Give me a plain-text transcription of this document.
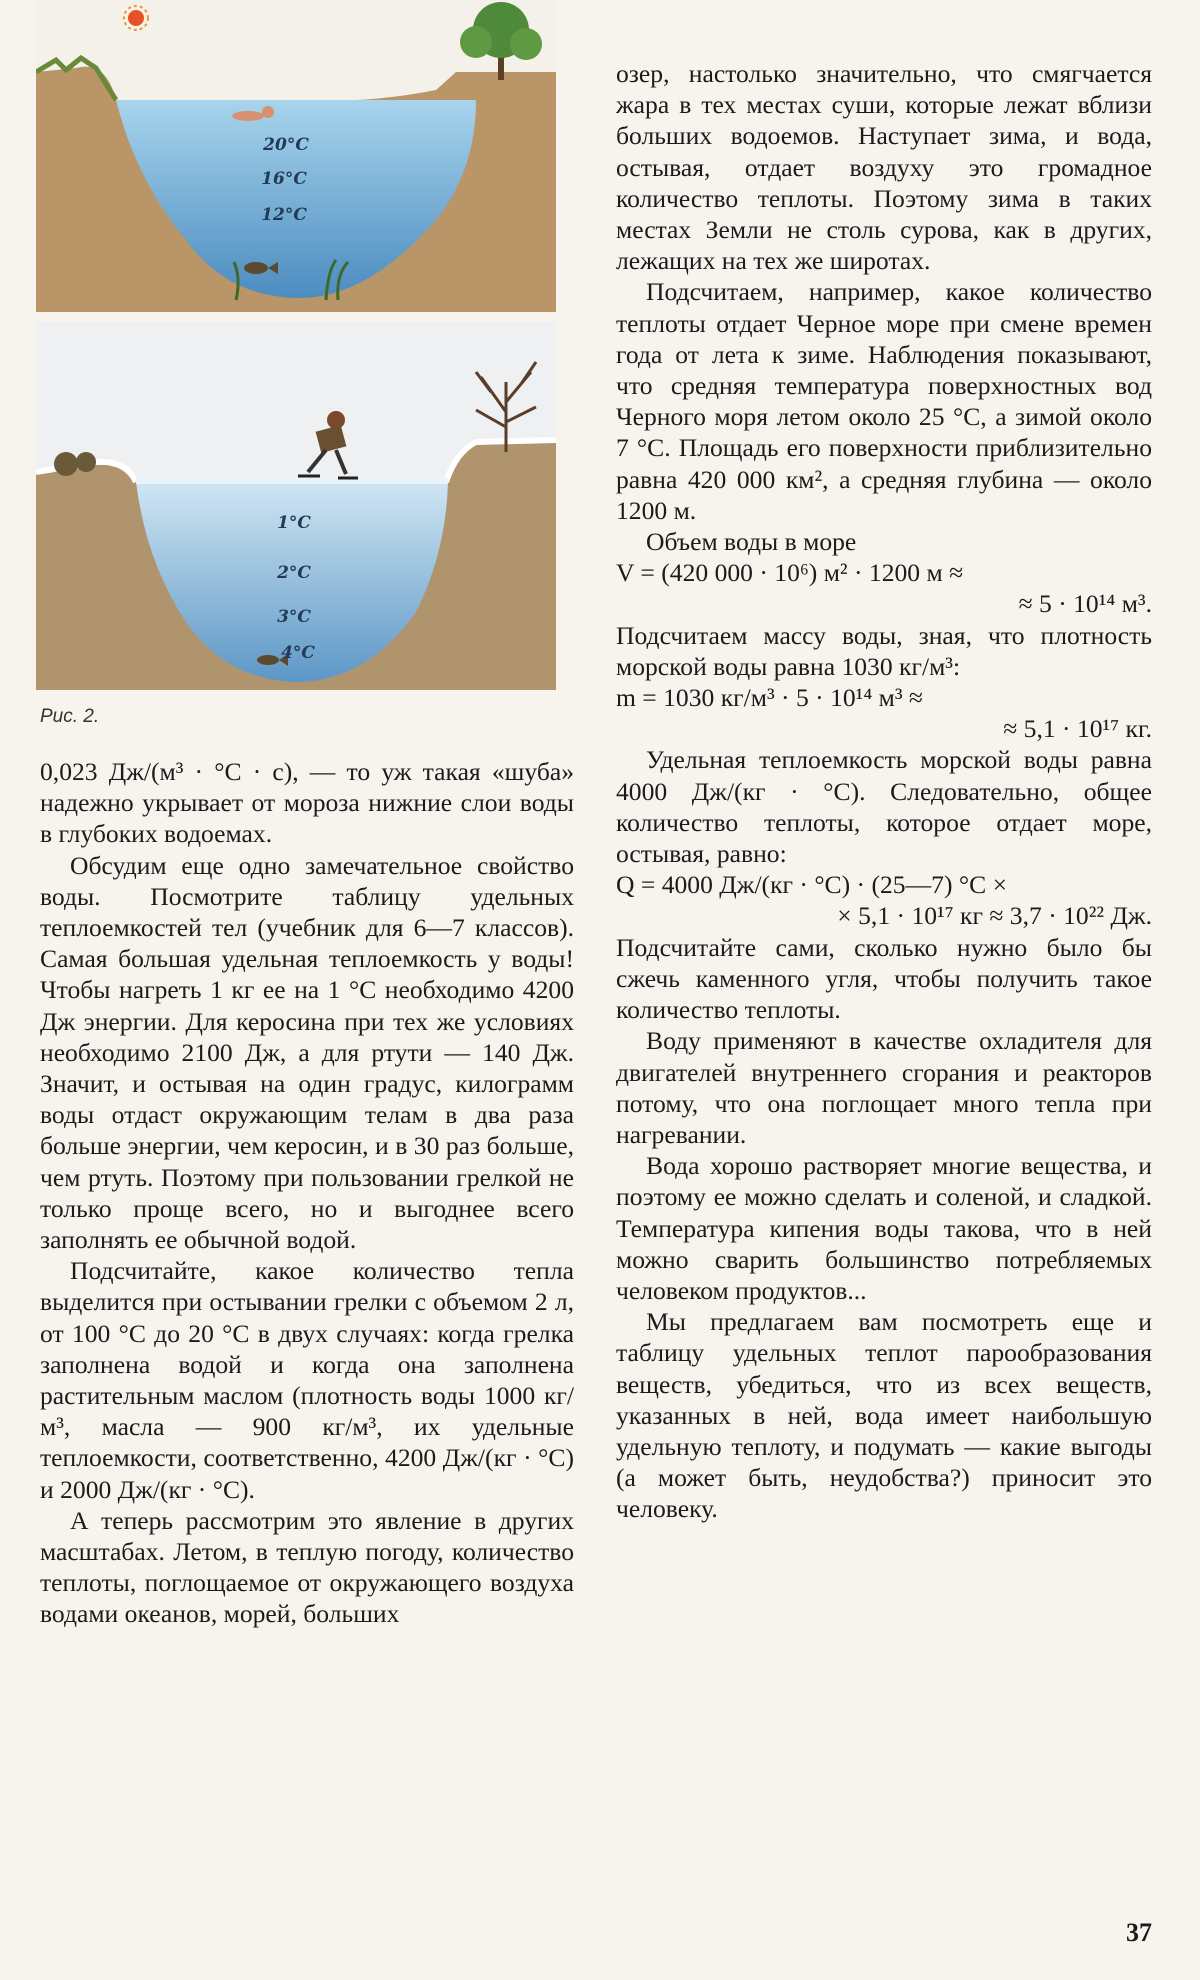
20°C
16°C
12°C
1°C
2°C
3°C
4°C
Рис. 2.

0,023 Дж/(м³ · °С · с), — то уж такая «шуба» надежно укрывает от мороза нижние слои воды в глубоких водоемах.

Обсудим еще одно замечательное свойство воды. Посмотрите таблицу удельных теплоемкостей тел (учебник для 6—7 классов). Самая большая удельная теплоемкость у воды! Чтобы нагреть 1 кг ее на 1 °С необходимо 4200 Дж энергии. Для керосина при тех же условиях необходимо 2100 Дж, а для ртути — 140 Дж. Значит, и остывая на один градус, килограмм воды отдаст окружающим телам в два раза больше энергии, чем керосин, и в 30 раз больше, чем ртуть. Поэтому при пользовании грелкой не только проще всего, но и выгоднее всего заполнять ее обычной водой.

Подсчитайте, какое количество тепла выделится при остывании грелки с объемом 2 л, от 100 °С до 20 °С в двух случаях: когда грелка заполнена водой и когда она заполнена растительным маслом (плотность воды 1000 кг/м³, масла — 900 кг/м³, их удельные теплоемкости, соответственно, 4200 Дж/(кг · °С) и 2000 Дж/(кг · °С).

А теперь рассмотрим это явление в других масштабах. Летом, в теплую погоду, количество теплоты, поглощаемое от окружающего воздуха водами океанов, морей, больших

озер, настолько значительно, что смягчается жара в тех местах суши, которые лежат вблизи больших водоемов. Наступает зима, и вода, остывая, отдает воздуху это громадное количество теплоты. Поэтому зима в таких местах Земли не столь сурова, как в других, лежащих на тех же широтах.

Подсчитаем, например, какое количество теплоты отдает Черное море при смене времен года от лета к зиме. Наблюдения показывают, что средняя температура поверхностных вод Черного моря летом около 25 °С, а зимой около 7 °С. Площадь его поверхности приблизительно равна 420 000 км², а средняя глубина — около 1200 м.

Объем воды в море

V = (420 000 · 10⁶) м² · 1200 м ≈
≈ 5 · 10¹⁴ м³.

Подсчитаем массу воды, зная, что плотность морской воды равна 1030 кг/м³:

m = 1030 кг/м³ · 5 · 10¹⁴ м³ ≈
≈ 5,1 · 10¹⁷ кг.

Удельная теплоемкость морской воды равна 4000 Дж/(кг · °С). Следовательно, общее количество теплоты, которое отдает море, остывая, равно:

Q = 4000 Дж/(кг · °С) · (25—7) °С ×
× 5,1 · 10¹⁷ кг ≈ 3,7 · 10²² Дж.

Подсчитайте сами, сколько нужно было бы сжечь каменного угля, чтобы получить такое количество теплоты.

Воду применяют в качестве охладителя для двигателей внутреннего сгорания и реакторов потому, что она поглощает много тепла при нагревании.

Вода хорошо растворяет многие вещества, и поэтому ее можно сделать и соленой, и сладкой. Температура кипения воды такова, что в ней можно сварить большинство потребляемых человеком продуктов...

Мы предлагаем вам посмотреть еще и таблицу удельных теплот парообразования веществ, убедиться, что из всех веществ, указанных в ней, вода имеет наибольшую удельную теплоту, и подумать — какие выгоды (а может быть, неудобства?) приносит это человеку.

37
